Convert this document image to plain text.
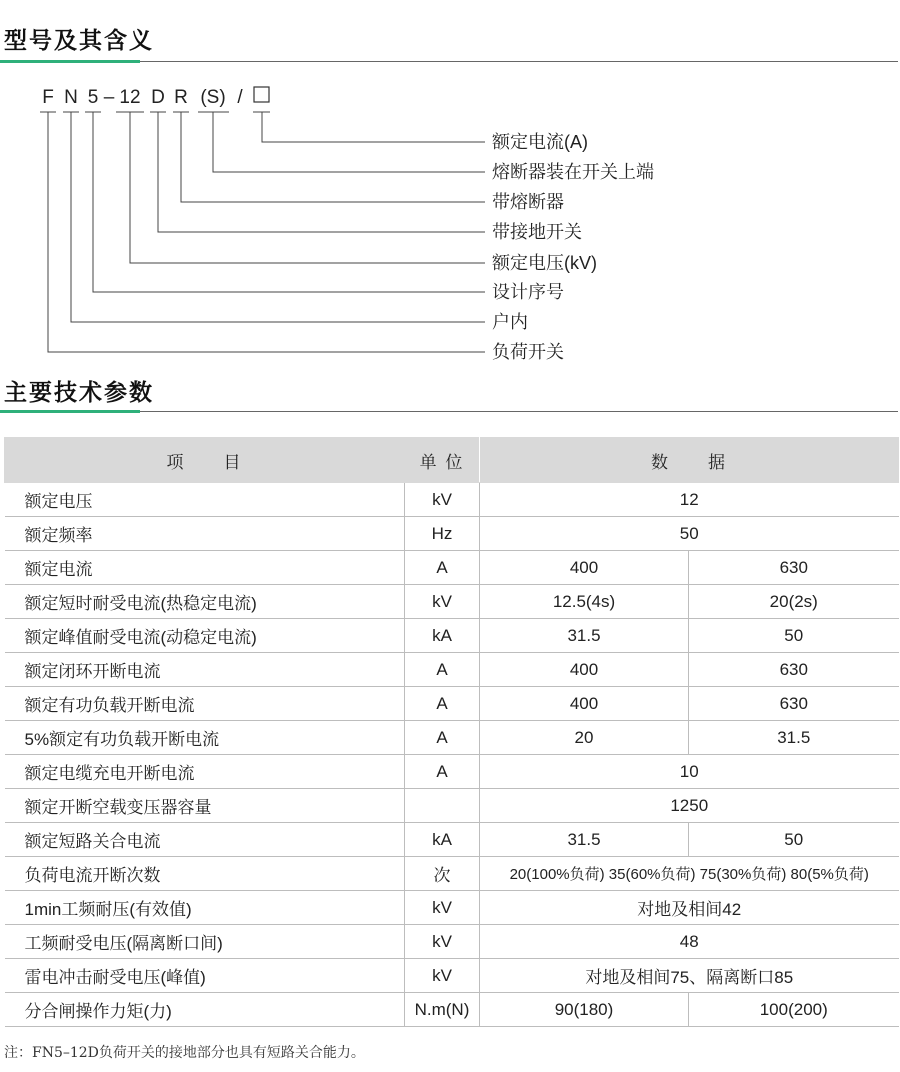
型号及其含义
F N 5 – 12 D R (S) /
额定电流(A)
熔断器装在开关上端
带熔断器
带接地开关
额定电压(kV)
设计序号
户内
负荷开关
主要技术参数
项　　目	单 位	数　　据	
额定电压	kV	12	
额定频率	Hz	50	
额定电流	A	400	630
额定短时耐受电流(热稳定电流)	kV	12.5(4s)	20(2s)
额定峰值耐受电流(动稳定电流)	kA	31.5	50
额定闭环开断电流	A	400	630
额定有功负载开断电流	A	400	630
5%额定有功负载开断电流	A	20	31.5
额定电缆充电开断电流	A	10	
额定开断空载变压器容量		1250	
额定短路关合电流	kA	31.5	50
负荷电流开断次数	次	20(100%负荷) 35(60%负荷) 75(30%负荷) 80(5%负荷)	
1min工频耐压(有效值)	kV	对地及相间42	
工频耐受电压(隔离断口间)	kV	48	
雷电冲击耐受电压(峰值)	kV	对地及相间75、隔离断口85	
分合闸操作力矩(力)	N.m(N)	90(180)	100(200)
注：FN5–12D负荷开关的接地部分也具有短路关合能力。
